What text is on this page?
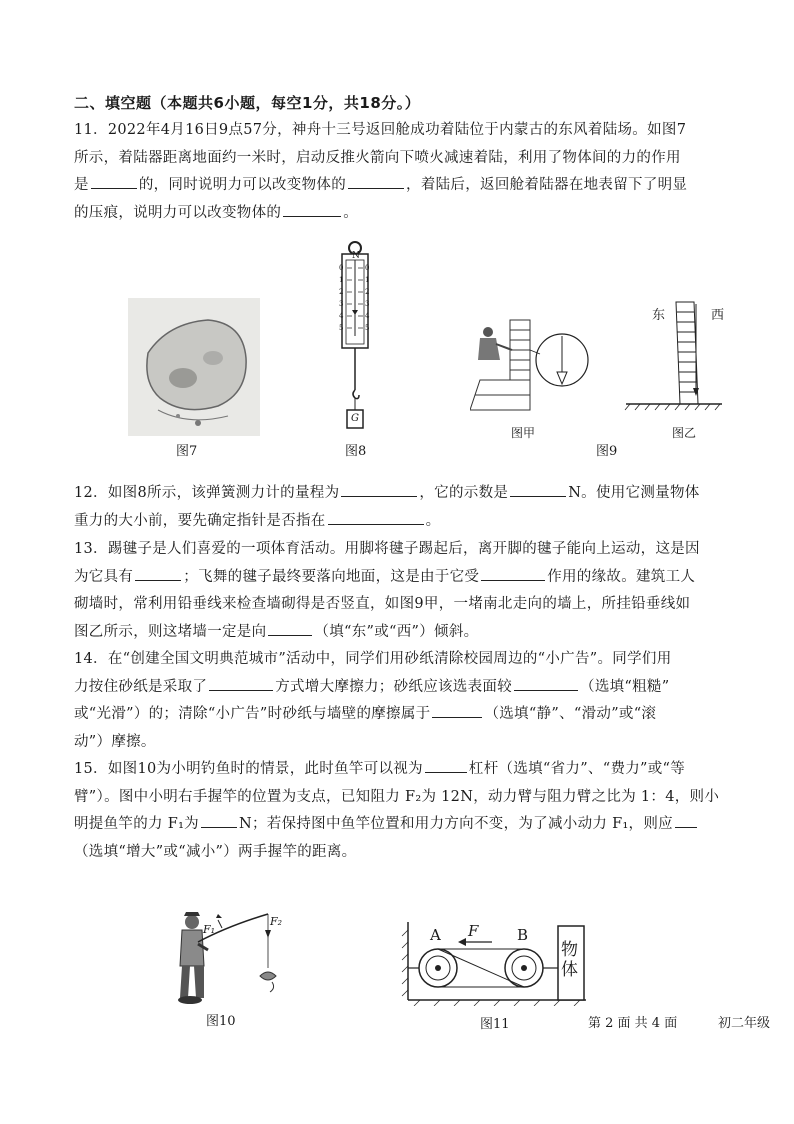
二、填空题（本题共6小题，每空1分，共18分。）

11．2022年4月16日9点57分，神舟十三号返回舱成功着陆位于内蒙古的东风着陆场。如图7

所示，着陆器距离地面约一米时，启动反推火箭向下喷火减速着陆，利用了物体间的力的作用

是	的，同时说明力可以改变物体的	，着陆后，返回舱着陆器在地表留下了明显

的压痕，说明力可以改变物体的	。

图7
N
0
1
2
3
4
5
0
1
2
3
4
5
G
图8
图甲
东	西
图9
图乙

12．如图8所示，该弹簧测力计的量程为	，它的示数是	N。使用它测量物体

重力的大小前，要先确定指针是否指在	。

13．踢毽子是人们喜爱的一项体育活动。用脚将毽子踢起后，离开脚的毽子能向上运动，这是因

为它具有	；飞舞的毽子最终要落向地面，这是由于它受	作用的缘故。建筑工人

砌墙时，常利用铅垂线来检查墙砌得是否竖直，如图9甲，一堵南北走向的墙上，所挂铅垂线如

图乙所示，则这堵墙一定是向	（填“东”或“西”）倾斜。

14．在“创建全国文明典范城市”活动中，同学们用砂纸清除校园周边的“小广告”。同学们用

力按住砂纸是采取了	方式增大摩擦力；砂纸应该选表面较	（选填“粗糙”

或“光滑”）的；清除“小广告”时砂纸与墙壁的摩擦属于	（选填“静”、“滑动”或“滚

动”）摩擦。

15．如图10为小明钓鱼时的情景，此时鱼竿可以视为	杠杆（选填“省力”、“费力”或“等

臂”）。图中小明右手握竿的位置为支点，已知阻力 F₂为 12N，动力臂与阻力臂之比为 1：4，则小

明提鱼竿的力 F₁为	N；若保持图中鱼竿位置和用力方向不变，为了减小动力 F₁，则应

（选填“增大”或“减小”）两手握竿的距离。

F₁
F₂
图10
A	B
F
物体
图11	第 2 面 共 4 面	初二年级
